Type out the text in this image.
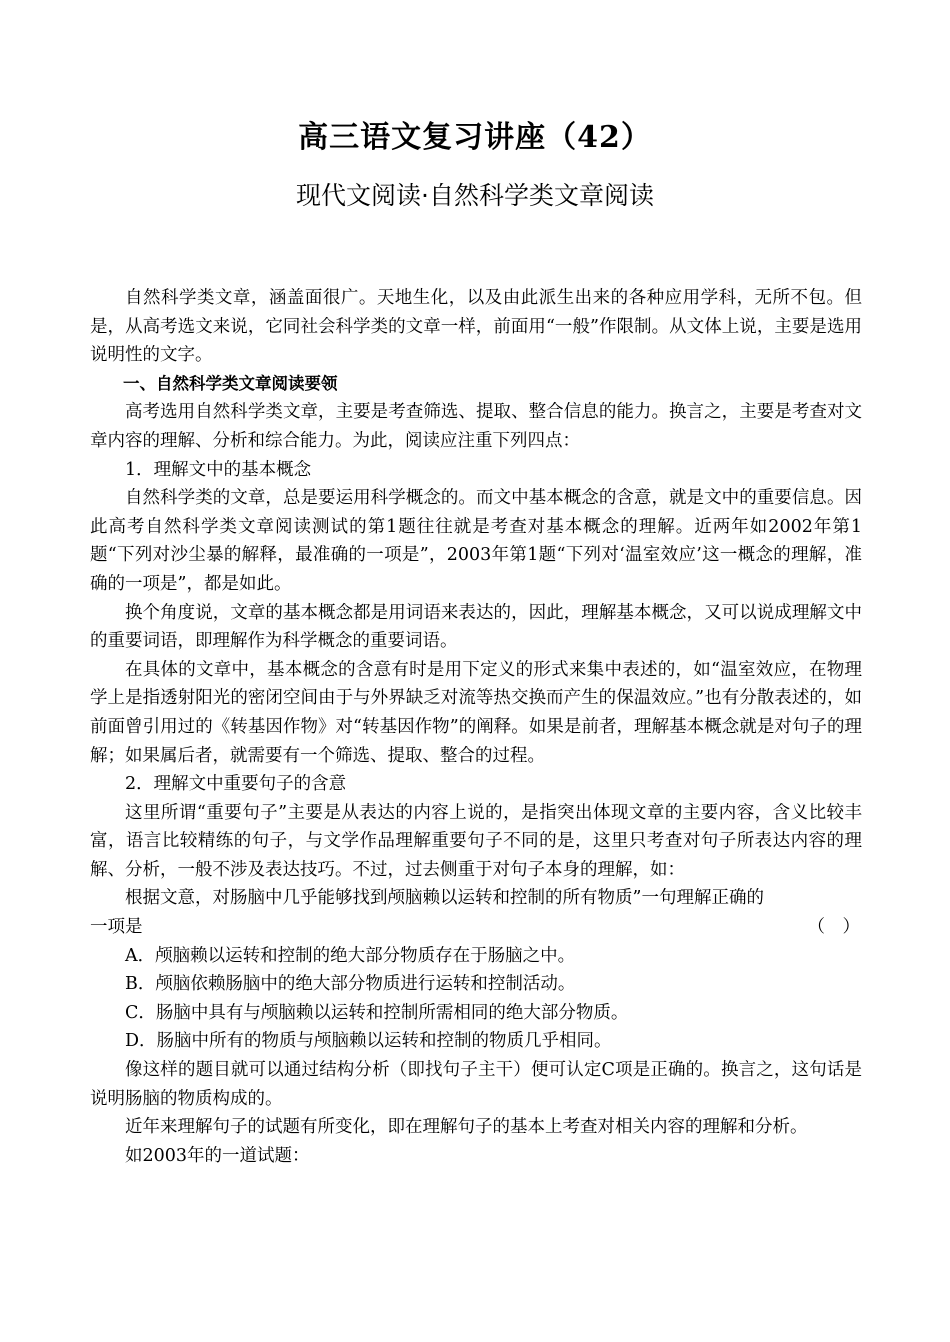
高三语文复习讲座（42）
现代文阅读·自然科学类文章阅读

自然科学类文章，涵盖面很广。天地生化，以及由此派生出来的各种应用学科，无所不包。但是，从高考选文来说，它同社会科学类的文章一样，前面用“一般”作限制。从文体上说，主要是选用说明性的文字。

一、自然科学类文章阅读要领

高考选用自然科学类文章，主要是考查筛选、提取、整合信息的能力。换言之，主要是考查对文章内容的理解、分析和综合能力。为此，阅读应注重下列四点：

1．理解文中的基本概念

自然科学类的文章，总是要运用科学概念的。而文中基本概念的含意，就是文中的重要信息。因此高考自然科学类文章阅读测试的第1题往往就是考查对基本概念的理解。近两年如2002年第1题“下列对沙尘暴的解释，最准确的一项是”，2003年第1题“下列对‘温室效应’这一概念的理解，准确的一项是”，都是如此。

换个角度说，文章的基本概念都是用词语来表达的，因此，理解基本概念，又可以说成理解文中的重要词语，即理解作为科学概念的重要词语。

在具体的文章中，基本概念的含意有时是用下定义的形式来集中表述的，如“温室效应，在物理学上是指透射阳光的密闭空间由于与外界缺乏对流等热交换而产生的保温效应。”也有分散表述的，如前面曾引用过的《转基因作物》对“转基因作物”的阐释。如果是前者，理解基本概念就是对句子的理解；如果属后者，就需要有一个筛选、提取、整合的过程。

2．理解文中重要句子的含意

这里所谓“重要句子”主要是从表达的内容上说的，是指突出体现文章的主要内容，含义比较丰富，语言比较精练的句子，与文学作品理解重要句子不同的是，这里只考查对句子所表达内容的理解、分析，一般不涉及表达技巧。不过，过去侧重于对句子本身的理解，如：

根据文意，对肠脑中几乎能够找到颅脑赖以运转和控制的所有物质”一句理解正确的

一项是	（　）

A．颅脑赖以运转和控制的绝大部分物质存在于肠脑之中。

B．颅脑依赖肠脑中的绝大部分物质进行运转和控制活动。

C．肠脑中具有与颅脑赖以运转和控制所需相同的绝大部分物质。

D．肠脑中所有的物质与颅脑赖以运转和控制的物质几乎相同。

像这样的题目就可以通过结构分析（即找句子主干）便可认定C项是正确的。换言之，这句话是说明肠脑的物质构成的。

近年来理解句子的试题有所变化，即在理解句子的基本上考查对相关内容的理解和分析。

如2003年的一道试题：
